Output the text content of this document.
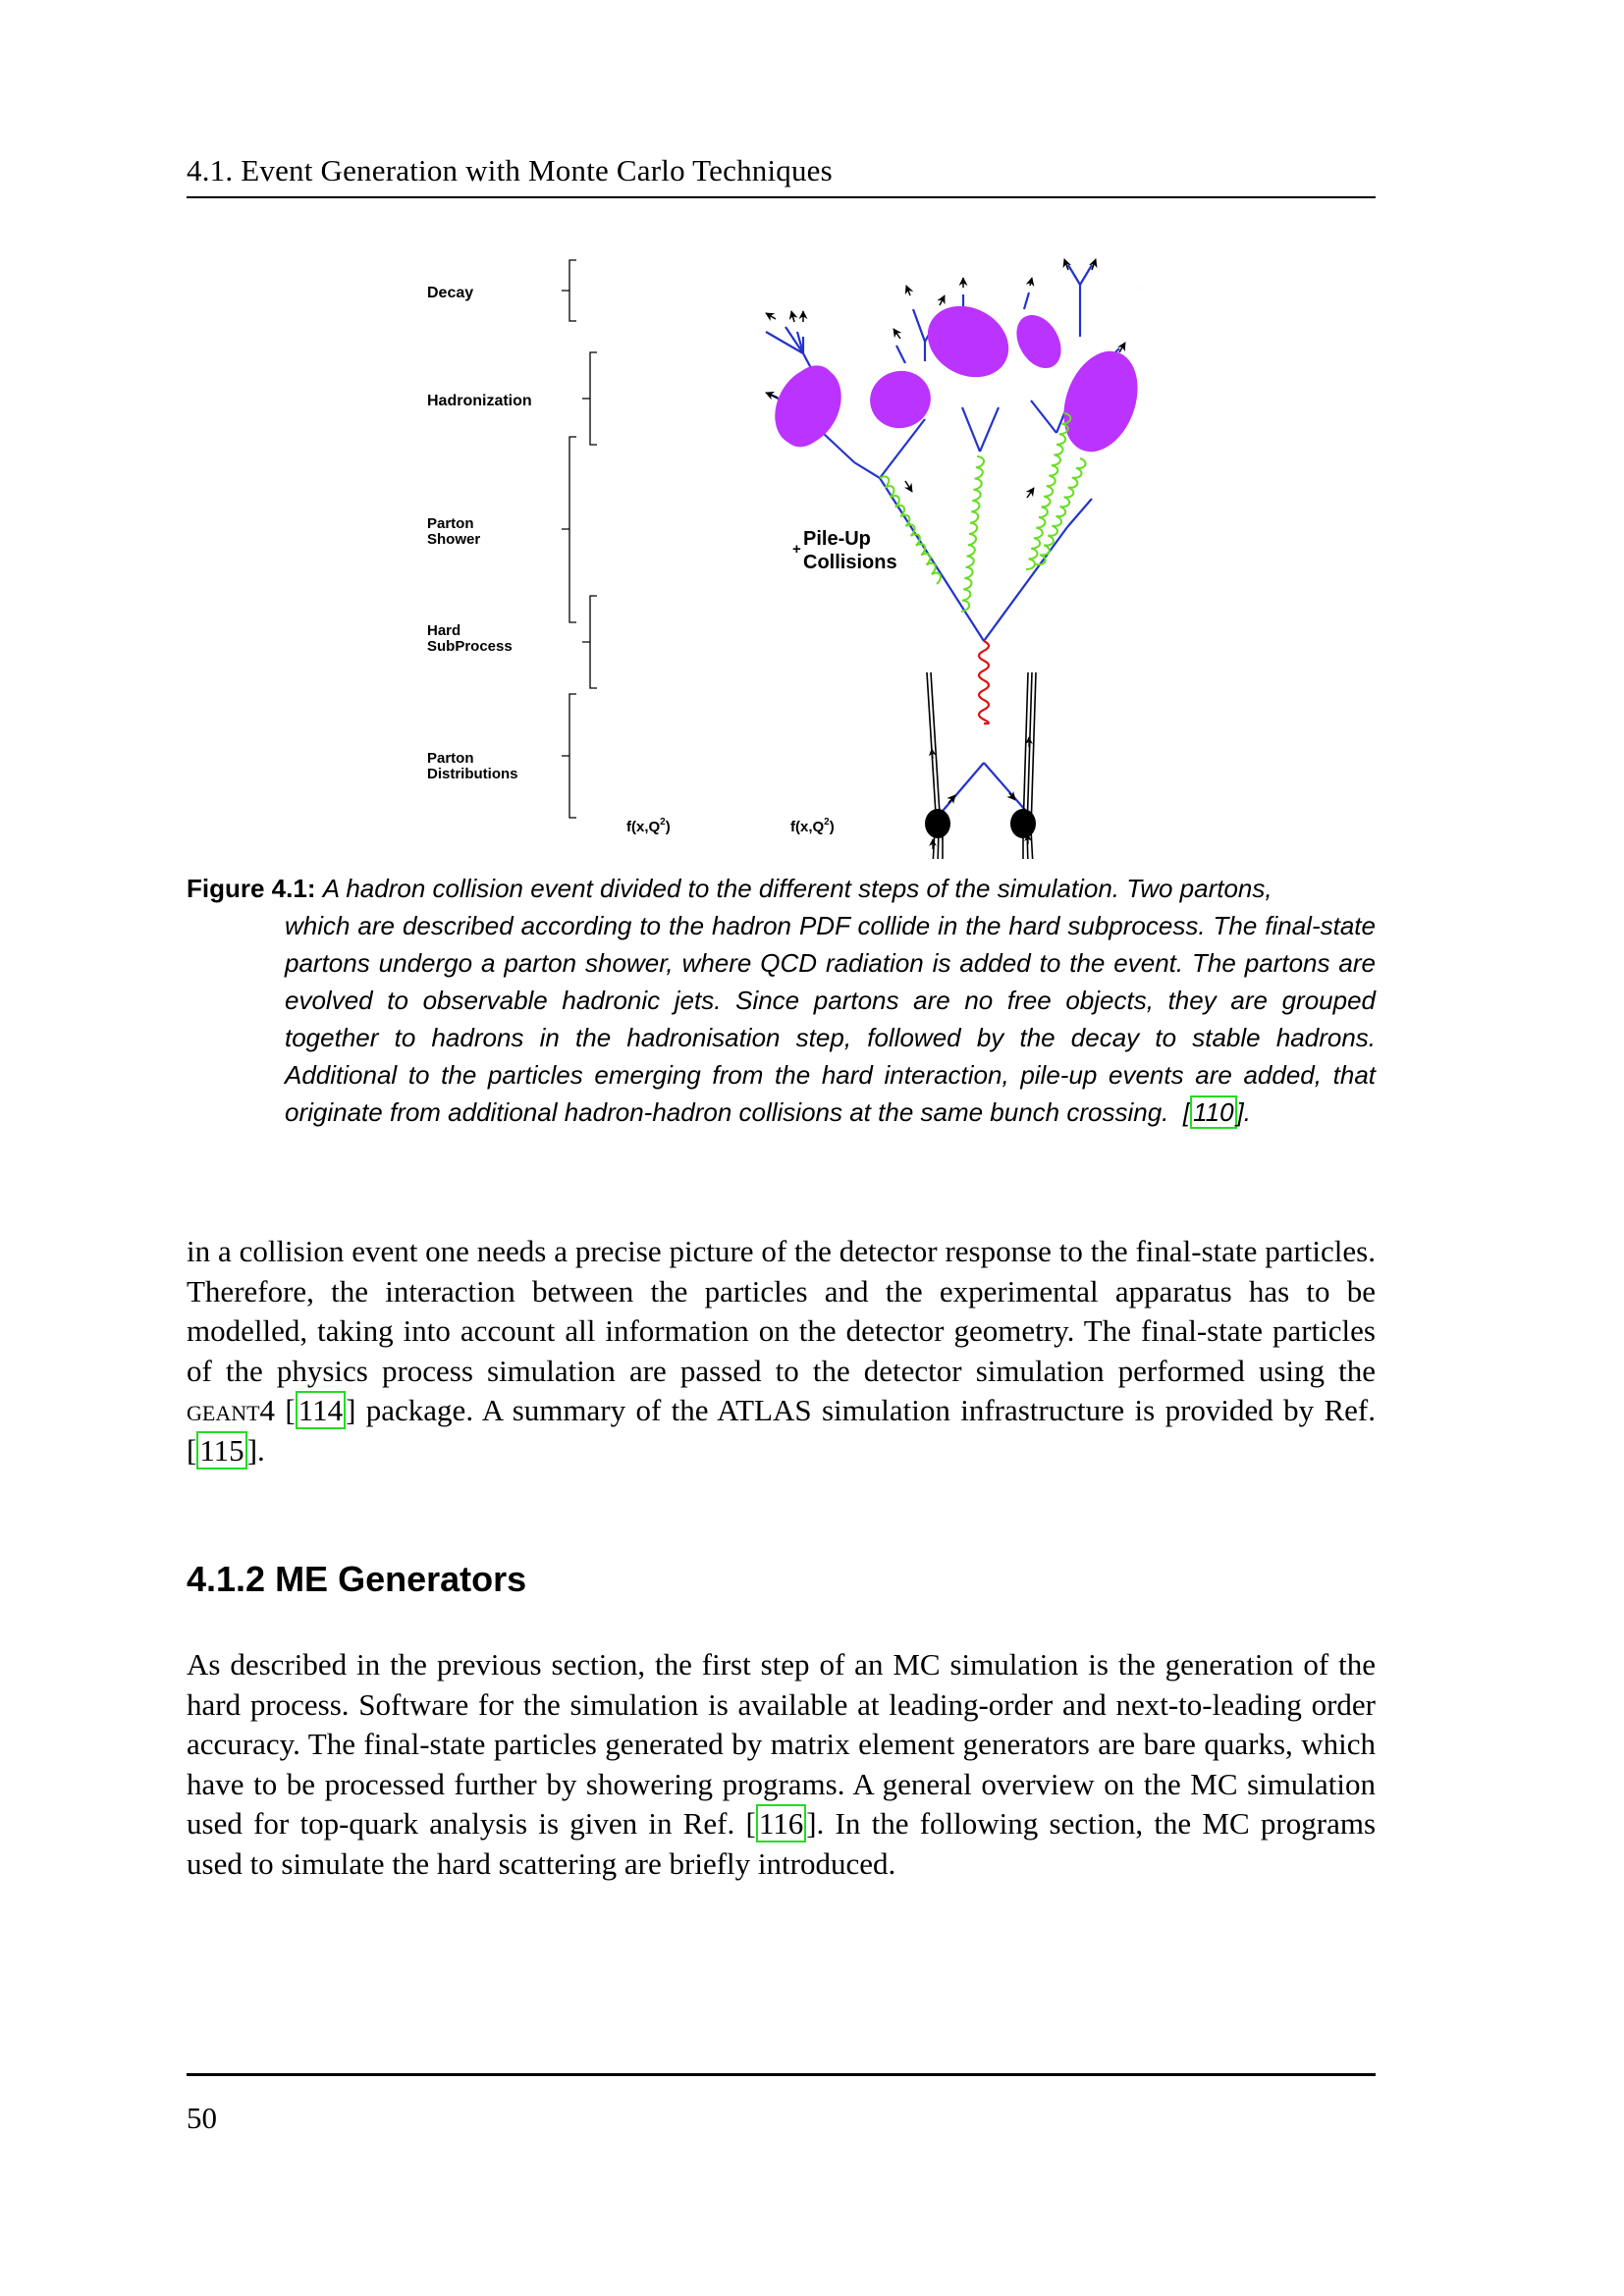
4.1. Event Generation with Monte Carlo Techniques
Decay
Hadronization
Parton
Shower
Hard
SubProcess
Parton
Distributions
$f(x,Q^2)$	$f(x,Q^2)$
+ Pile-Up
Collisions
Figure 4.1: A hadron collision event divided to the different steps of the simulation. Two partons,
which are described according to the hadron PDF collide in the hard subprocess. The final-state partons undergo a parton shower, where QCD radiation is added to the event. The partons are evolved to observable hadronic jets. Since partons are no free objects, they are grouped together to hadrons in the hadronisation step, followed by the decay to stable hadrons. Additional to the particles emerging from the hard interaction, pile-up events are added, that originate from additional hadron-hadron collisions at the same bunch crossing.  [ 110 ].
in a collision event one needs a precise picture of the detector response to the final-state particles. Therefore, the interaction between the particles and the experimental apparatus has to be modelled, taking into account all information on the detector geometry. The final-state particles of the physics process simulation are passed to the detector simulation performed using the geant4 [114] package. A summary of the ATLAS simulation infrastructure is provided by Ref. [115].
4.1.2 ME Generators
As described in the previous section, the first step of an MC simulation is the generation of the hard process. Software for the simulation is available at leading-order and next-to-leading order accuracy. The final-state particles generated by matrix element generators are bare quarks, which have to be processed further by showering programs. A general overview on the MC simulation used for top-quark analysis is given in Ref. [116]. In the following section, the MC programs used to simulate the hard scattering are briefly introduced.
50
